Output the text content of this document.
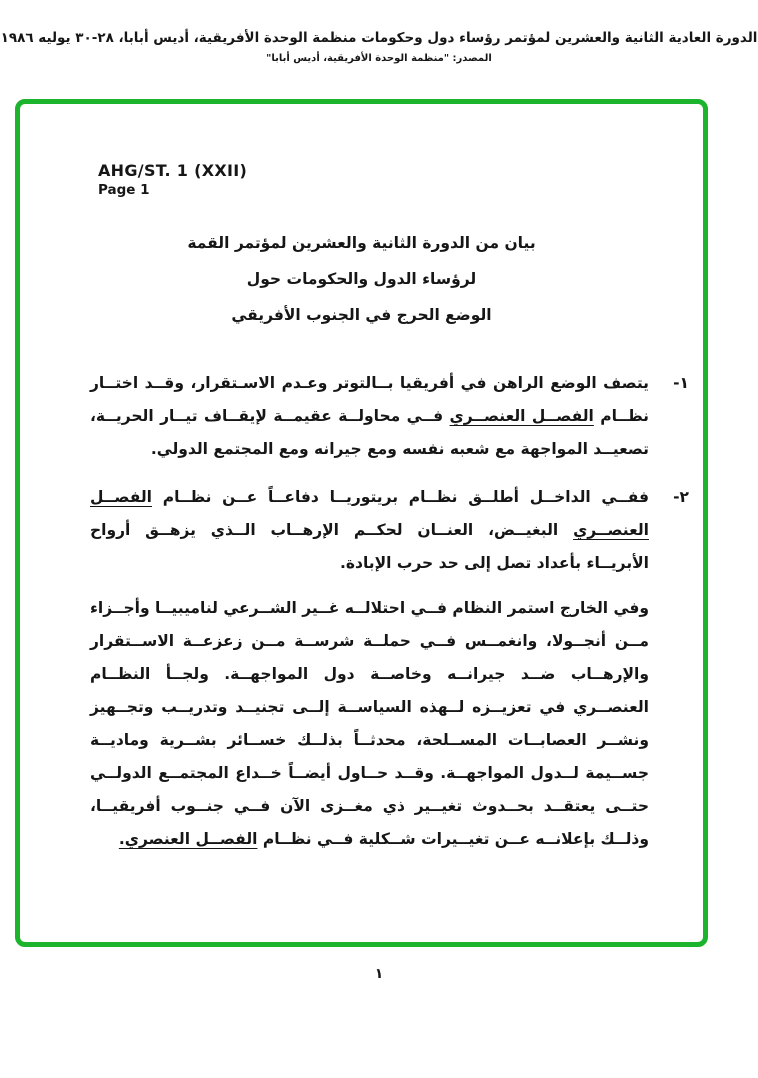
الدورة العادية الثانية والعشرين لمؤتمر رؤساء دول وحكومات منظمة الوحدة الأفريقية، أديس أبابا، ٢٨-٣٠ يوليه ١٩٨٦
المصدر: "منظمة الوحدة الأفريقية، أديس أبابا"
AHG/ST. 1 (XXII)
Page 1
بيان من الدورة الثانية والعشرين لمؤتمر القمة
لرؤساء الدول والحكومات حول
الوضع الحرج في الجنوب الأفريقي
١-
يتصف الوضع الراهن في أفريقيا بــالتوتر وعـدم الاسـتقرار، وقــد اختــار نظــام الفصــل العنصــري فــي محاولــة عقيمــة لإيقــاف تيــار الحريــة، تصعيــد المواجهة مع شعبه نفسه ومع جيرانه ومع المجتمع الدولي.
٢-
ففــي الداخــل أطلــق نظــام بريتوريــا دفاعــاً عــن نظــام الفصــل العنصــري البغيــض، العنــان لحكــم الإرهــاب الــذي يزهــق أرواح الأبريــاء بأعداد تصل إلى حد حرب الإبادة.
وفي الخارج استمر النظام فــي احتلالــه غــير الشــرعي لناميبيــا وأجــزاء مــن أنجــولا، وانغمــس فــي حملــة شرســة مــن زعزعــة الاســتقرار والإرهــاب ضــد جيرانــه وخاصــة دول المواجهــة. ولجــأ النظــام العنصــري في تعزيــزه لــهذه السياســة إلــى تجنيــد وتدريــب وتجــهيز ونشــر العصابــات المســلحة، محدثــاً بذلــك خســائر بشــرية وماديــة جســيمة لــدول المواجهــة. وقــد حــاول أيضــاً خــداع المجتمــع الدولــي حتــى يعتقــد بحــدوث تغيــير ذي مغــزى الآن فــي جنــوب أفريقيــا، وذلــك بإعلانــه عــن تغيــيرات شــكلية فــي نظــام الفصــل العنصري.
١
